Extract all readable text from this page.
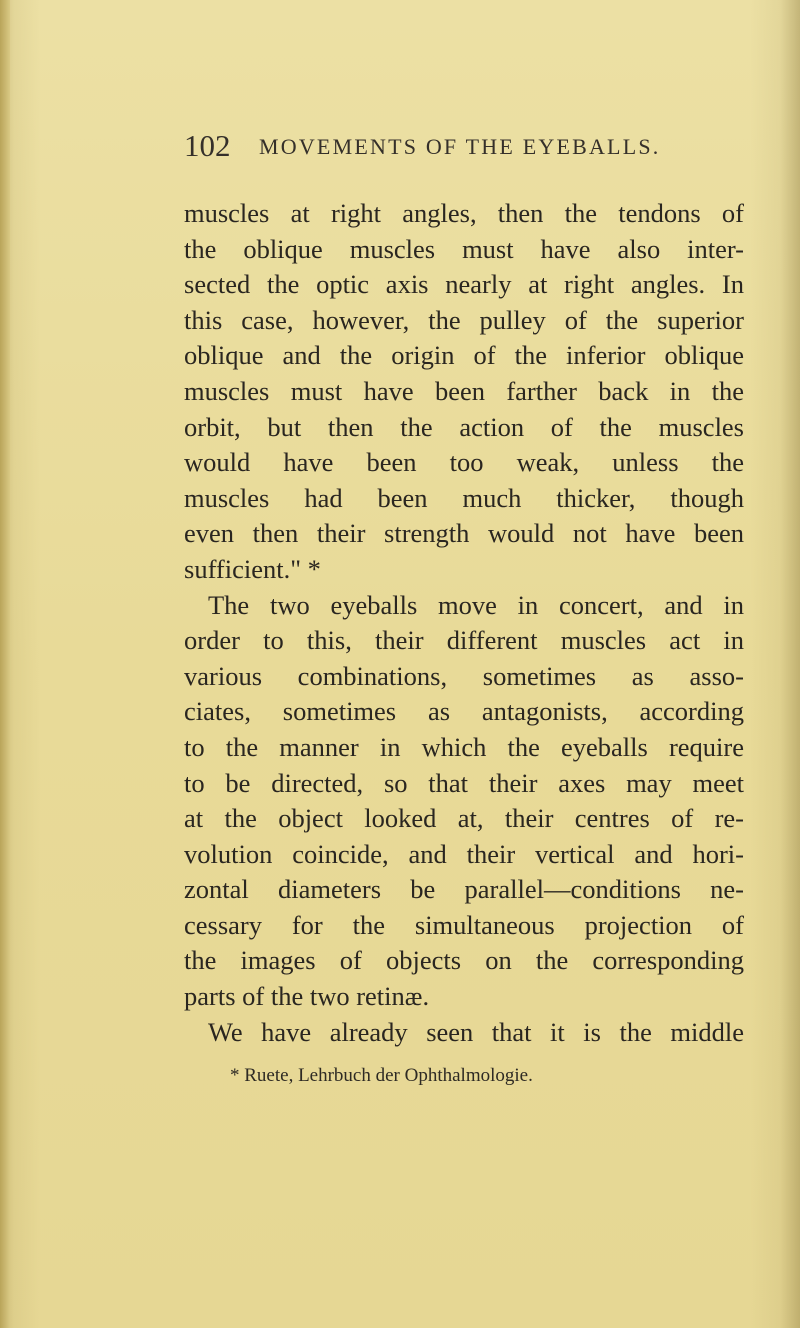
102 MOVEMENTS OF THE EYEBALLS.
muscles at right angles, then the tendons of
the oblique muscles must have also inter-
sected the optic axis nearly at right angles. In
this case, however, the pulley of the superior
oblique and the origin of the inferior oblique
muscles must have been farther back in the
orbit, but then the action of the muscles
would have been too weak, unless the
muscles had been much thicker, though
even then their strength would not have been
sufficient." *
The two eyeballs move in concert, and in
order to this, their different muscles act in
various combinations, sometimes as asso-
ciates, sometimes as antagonists, according
to the manner in which the eyeballs require
to be directed, so that their axes may meet
at the object looked at, their centres of re-
volution coincide, and their vertical and hori-
zontal diameters be parallel—conditions ne-
cessary for the simultaneous projection of
the images of objects on the corresponding
parts of the two retinæ.
We have already seen that it is the middle
* Ruete, Lehrbuch der Ophthalmologie.
